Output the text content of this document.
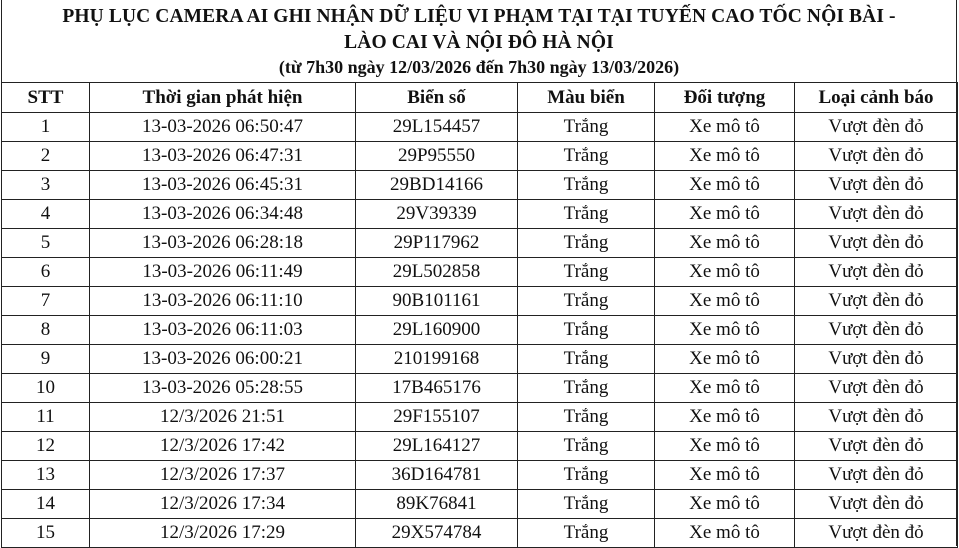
PHỤ LỤC CAMERA AI GHI NHẬN DỮ LIỆU VI PHẠM TẠI TẠI TUYẾN CAO TỐC NỘI BÀI -
LÀO CAI VÀ NỘI ĐÔ HÀ NỘI
(từ 7h30 ngày 12/03/2026 đến 7h30 ngày 13/03/2026)
STT	Thời gian phát hiện	Biển số	Màu biển	Đối tượng	Loại cảnh báo
1	13-03-2026 06:50:47	29L154457	Trắng	Xe mô tô	Vượt đèn đỏ
2	13-03-2026 06:47:31	29P95550	Trắng	Xe mô tô	Vượt đèn đỏ
3	13-03-2026 06:45:31	29BD14166	Trắng	Xe mô tô	Vượt đèn đỏ
4	13-03-2026 06:34:48	29V39339	Trắng	Xe mô tô	Vượt đèn đỏ
5	13-03-2026 06:28:18	29P117962	Trắng	Xe mô tô	Vượt đèn đỏ
6	13-03-2026 06:11:49	29L502858	Trắng	Xe mô tô	Vượt đèn đỏ
7	13-03-2026 06:11:10	90B101161	Trắng	Xe mô tô	Vượt đèn đỏ
8	13-03-2026 06:11:03	29L160900	Trắng	Xe mô tô	Vượt đèn đỏ
9	13-03-2026 06:00:21	210199168	Trắng	Xe mô tô	Vượt đèn đỏ
10	13-03-2026 05:28:55	17B465176	Trắng	Xe mô tô	Vượt đèn đỏ
11	12/3/2026 21:51	29F155107	Trắng	Xe mô tô	Vượt đèn đỏ
12	12/3/2026 17:42	29L164127	Trắng	Xe mô tô	Vượt đèn đỏ
13	12/3/2026 17:37	36D164781	Trắng	Xe mô tô	Vượt đèn đỏ
14	12/3/2026 17:34	89K76841	Trắng	Xe mô tô	Vượt đèn đỏ
15	12/3/2026 17:29	29X574784	Trắng	Xe mô tô	Vượt đèn đỏ
